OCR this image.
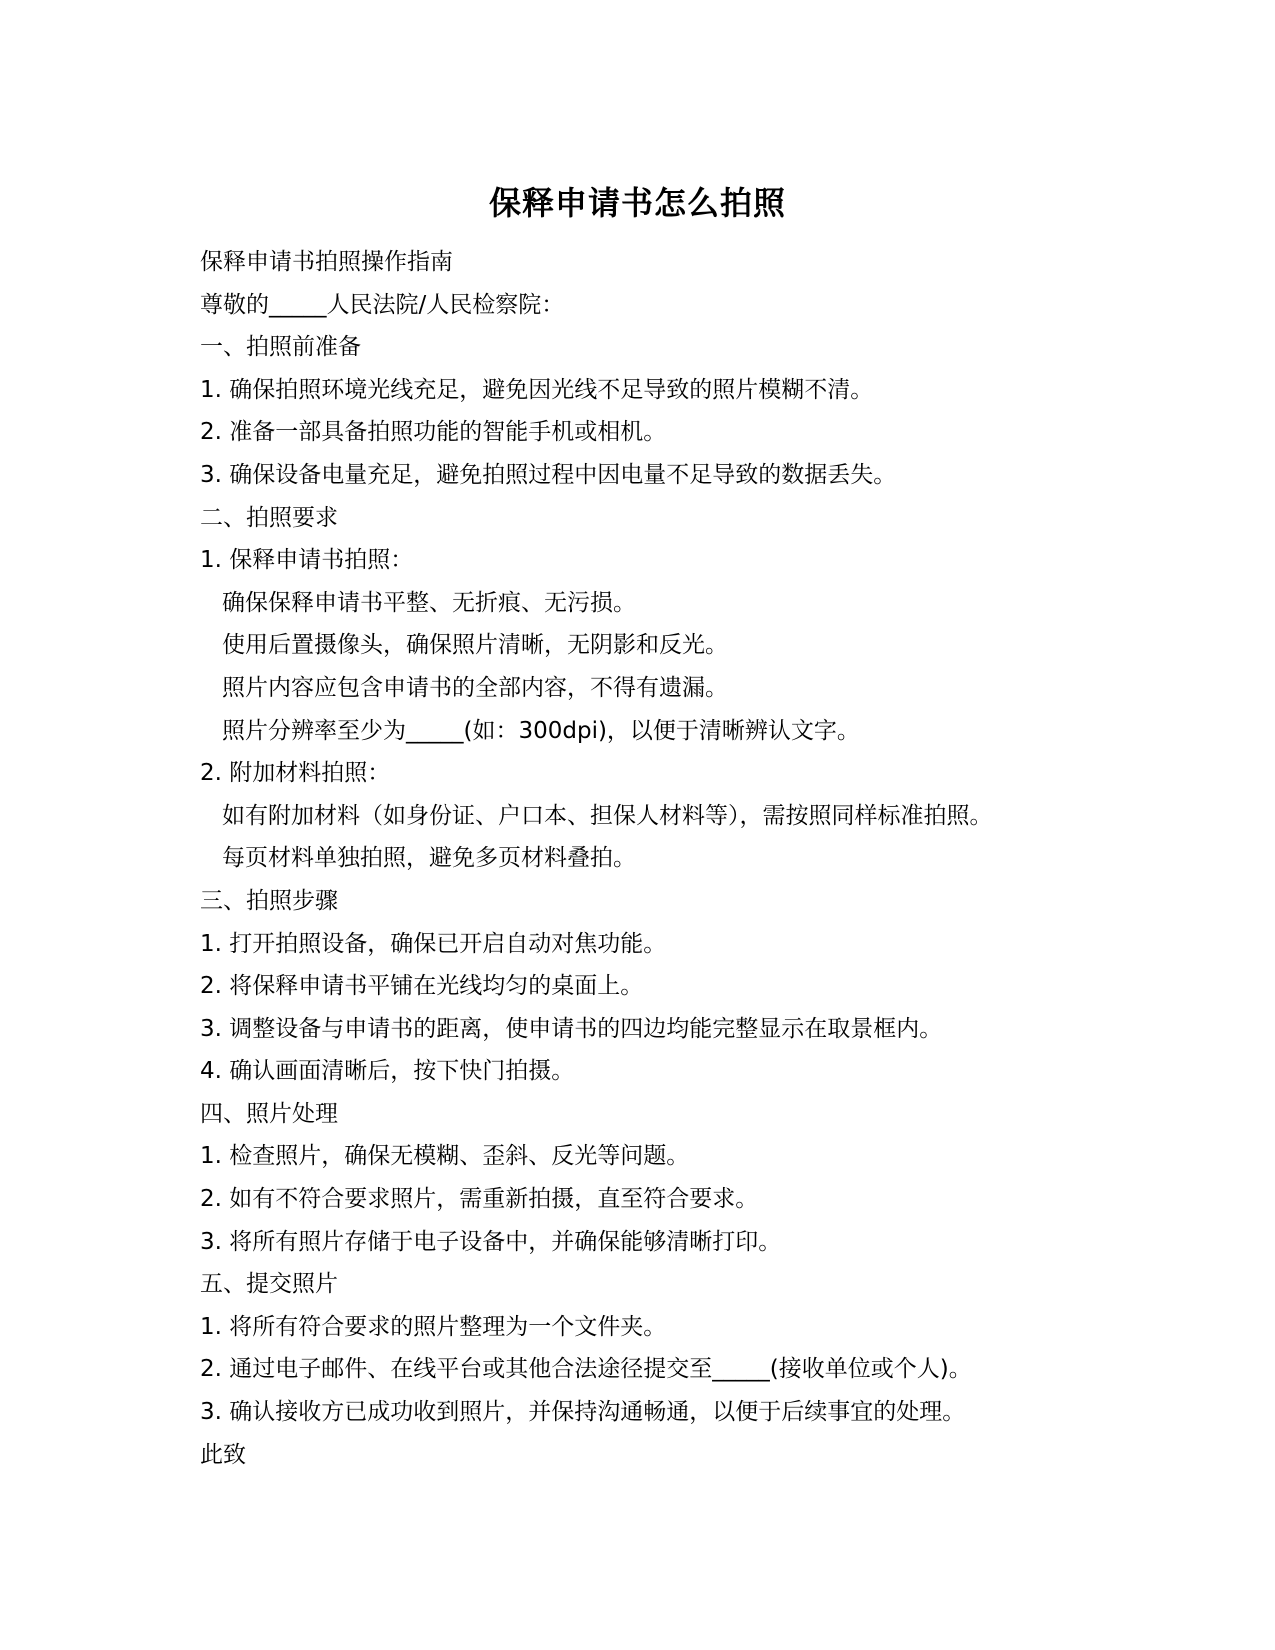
保释申请书怎么拍照
保释申请书拍照操作指南
尊敬的_____人民法院/人民检察院：
一、拍照前准备
1. 确保拍照环境光线充足，避免因光线不足导致的照片模糊不清。
2. 准备一部具备拍照功能的智能手机或相机。
3. 确保设备电量充足，避免拍照过程中因电量不足导致的数据丢失。
二、拍照要求
1. 保释申请书拍照：
确保保释申请书平整、无折痕、无污损。
使用后置摄像头，确保照片清晰，无阴影和反光。
照片内容应包含申请书的全部内容，不得有遗漏。
照片分辨率至少为_____(如：300dpi)，以便于清晰辨认文字。
2. 附加材料拍照：
如有附加材料（如身份证、户口本、担保人材料等），需按照同样标准拍照。
每页材料单独拍照，避免多页材料叠拍。
三、拍照步骤
1. 打开拍照设备，确保已开启自动对焦功能。
2. 将保释申请书平铺在光线均匀的桌面上。
3. 调整设备与申请书的距离，使申请书的四边均能完整显示在取景框内。
4. 确认画面清晰后，按下快门拍摄。
四、照片处理
1. 检查照片，确保无模糊、歪斜、反光等问题。
2. 如有不符合要求照片，需重新拍摄，直至符合要求。
3. 将所有照片存储于电子设备中，并确保能够清晰打印。
五、提交照片
1. 将所有符合要求的照片整理为一个文件夹。
2. 通过电子邮件、在线平台或其他合法途径提交至_____(接收单位或个人)。
3. 确认接收方已成功收到照片，并保持沟通畅通，以便于后续事宜的处理。
此致
